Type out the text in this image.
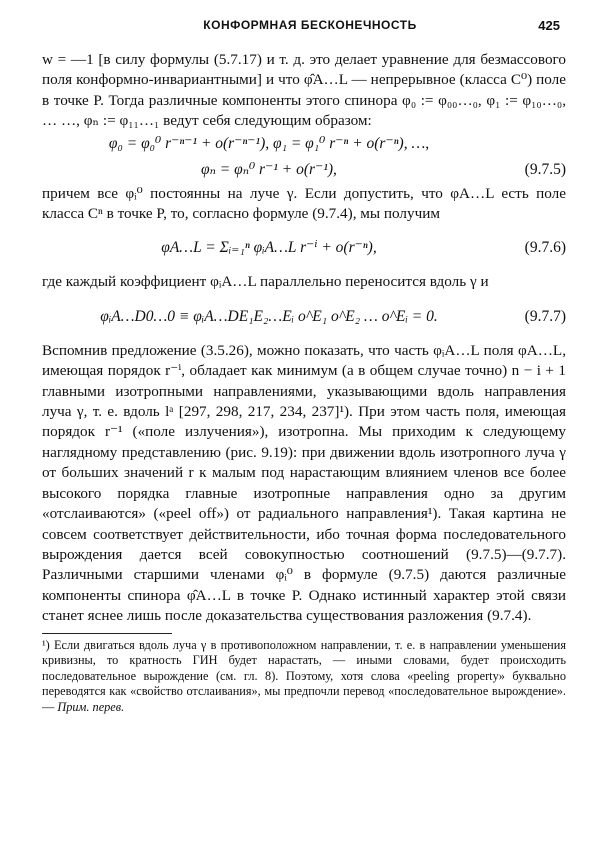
КОНФОРМНАЯ БЕСКОНЕЧНОСТЬ	425

w = —1 [в силу формулы (5.7.17) и т. д. это делает уравнение для безмассового поля конформно-инвариантными] и что φ̂A…L — непрерывное (класса C⁰) поле в точке P. Тогда различные компоненты этого спинора φ₀ := φ₀₀…₀, φ₁ := φ₁₀…₀, … …, φₙ := φ₁₁…₁ ведут себя следующим образом:

φ₀ = φ₀⁰ r⁻ⁿ⁻¹ + o(r⁻ⁿ⁻¹), φ₁ = φ₁⁰ r⁻ⁿ + o(r⁻ⁿ), …,
φₙ = φₙ⁰ r⁻¹ + o(r⁻¹),	(9.7.5)

причем все φᵢ⁰ постоянны на луче γ. Если допустить, что φA…L есть поле класса Cⁿ в точке P, то, согласно формуле (9.7.4), мы получим

φA…L = Σᵢ₌₁ⁿ φᵢA…L r⁻ⁱ + o(r⁻ⁿ),	(9.7.6)

где каждый коэффициент φᵢA…L параллельно переносится вдоль γ и

φᵢA…D0…0 ≡ φᵢA…DE₁E₂…Eᵢ o^E₁ o^E₂ … o^Eᵢ = 0.	(9.7.7)

Вспомнив предложение (3.5.26), можно показать, что часть φᵢA…L поля φA…L, имеющая порядок r⁻ⁱ, обладает как минимум (а в общем случае точно) n − i + 1 главными изотропными направлениями, указывающими вдоль направления луча γ, т. е. вдоль lᵃ [297, 298, 217, 234, 237]¹). При этом часть поля, имеющая порядок r⁻¹ («поле излучения»), изотропна. Мы приходим к следующему наглядному представлению (рис. 9.19): при движении вдоль изотропного луча γ от больших значений r к малым под нарастающим влиянием членов все более высокого порядка главные изотропные направления одно за другим «отслаиваются» («peel off») от радиального направления¹). Такая картина не совсем соответствует действительности, ибо точная форма последовательного вырождения дается всей совокупностью соотношений (9.7.5)—(9.7.7). Различными старшими членами φᵢ⁰ в формуле (9.7.5) даются различные компоненты спинора φ̂A…L в точке P. Однако истинный характер этой связи станет яснее лишь после доказательства существования разложения (9.7.4).

¹) Если двигаться вдоль луча γ в противоположном направлении, т. е. в направлении уменьшения кривизны, то кратность ГИН будет нарастать, — иными словами, будет происходить последовательное вырождение (см. гл. 8). Поэтому, хотя слова «peeling property» буквально переводятся как «свойство отслаивания», мы предпочли перевод «последовательное вырождение». — Прим. перев.
